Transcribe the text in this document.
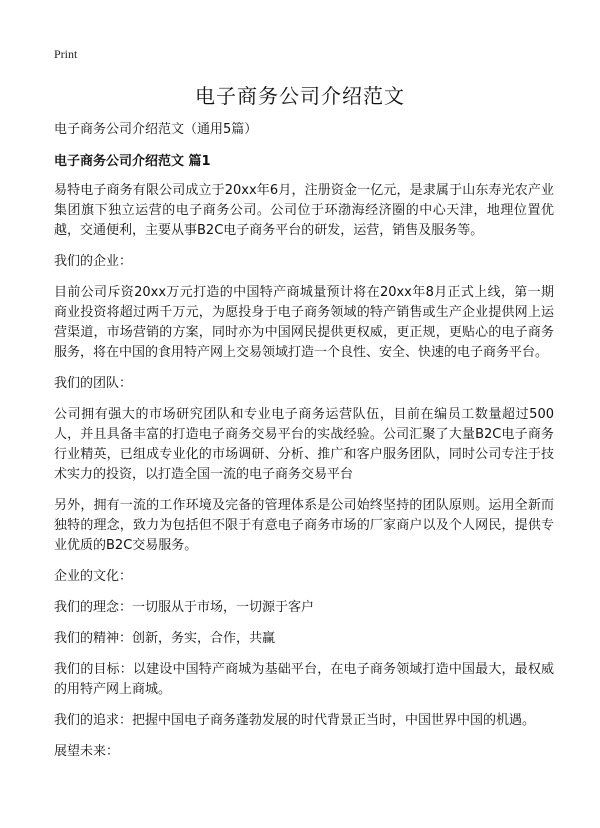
Print
电子商务公司介绍范文

电子商务公司介绍范文（通用5篇）

电子商务公司介绍范文 篇1

易特电子商务有限公司成立于20xx年6月，注册资金一亿元，是隶属于山东寿光农产业集团旗下独立运营的电子商务公司。公司位于环渤海经济圈的中心天津，地理位置优越，交通便利，主要从事B2C电子商务平台的研发，运营，销售及服务等。

我们的企业：

目前公司斥资20xx万元打造的中国特产商城量预计将在20xx年8月正式上线，第一期商业投资将超过两千万元，为愿投身于电子商务领域的特产销售或生产企业提供网上运营渠道，市场营销的方案，同时亦为中国网民提供更权威，更正规，更贴心的电子商务服务，将在中国的食用特产网上交易领域打造一个良性、安全、快速的电子商务平台。

我们的团队：

公司拥有强大的市场研究团队和专业电子商务运营队伍，目前在编员工数量超过500人，并且具备丰富的打造电子商务交易平台的实战经验。公司汇聚了大量B2C电子商务行业精英，已组成专业化的市场调研、分析、推广和客户服务团队，同时公司专注于技术实力的投资，以打造全国一流的电子商务交易平台

另外，拥有一流的工作环境及完备的管理体系是公司始终坚持的团队原则。运用全新而独特的理念，致力为包括但不限于有意电子商务市场的厂家商户以及个人网民，提供专业优质的B2C交易服务。

企业的文化：

我们的理念：一切服从于市场，一切源于客户

我们的精神：创新，务实，合作，共赢

我们的目标：以建设中国特产商城为基础平台，在电子商务领域打造中国最大，最权威的用特产网上商城。

我们的追求：把握中国电子商务蓬勃发展的时代背景正当时，中国世界中国的机遇。

展望未来：
